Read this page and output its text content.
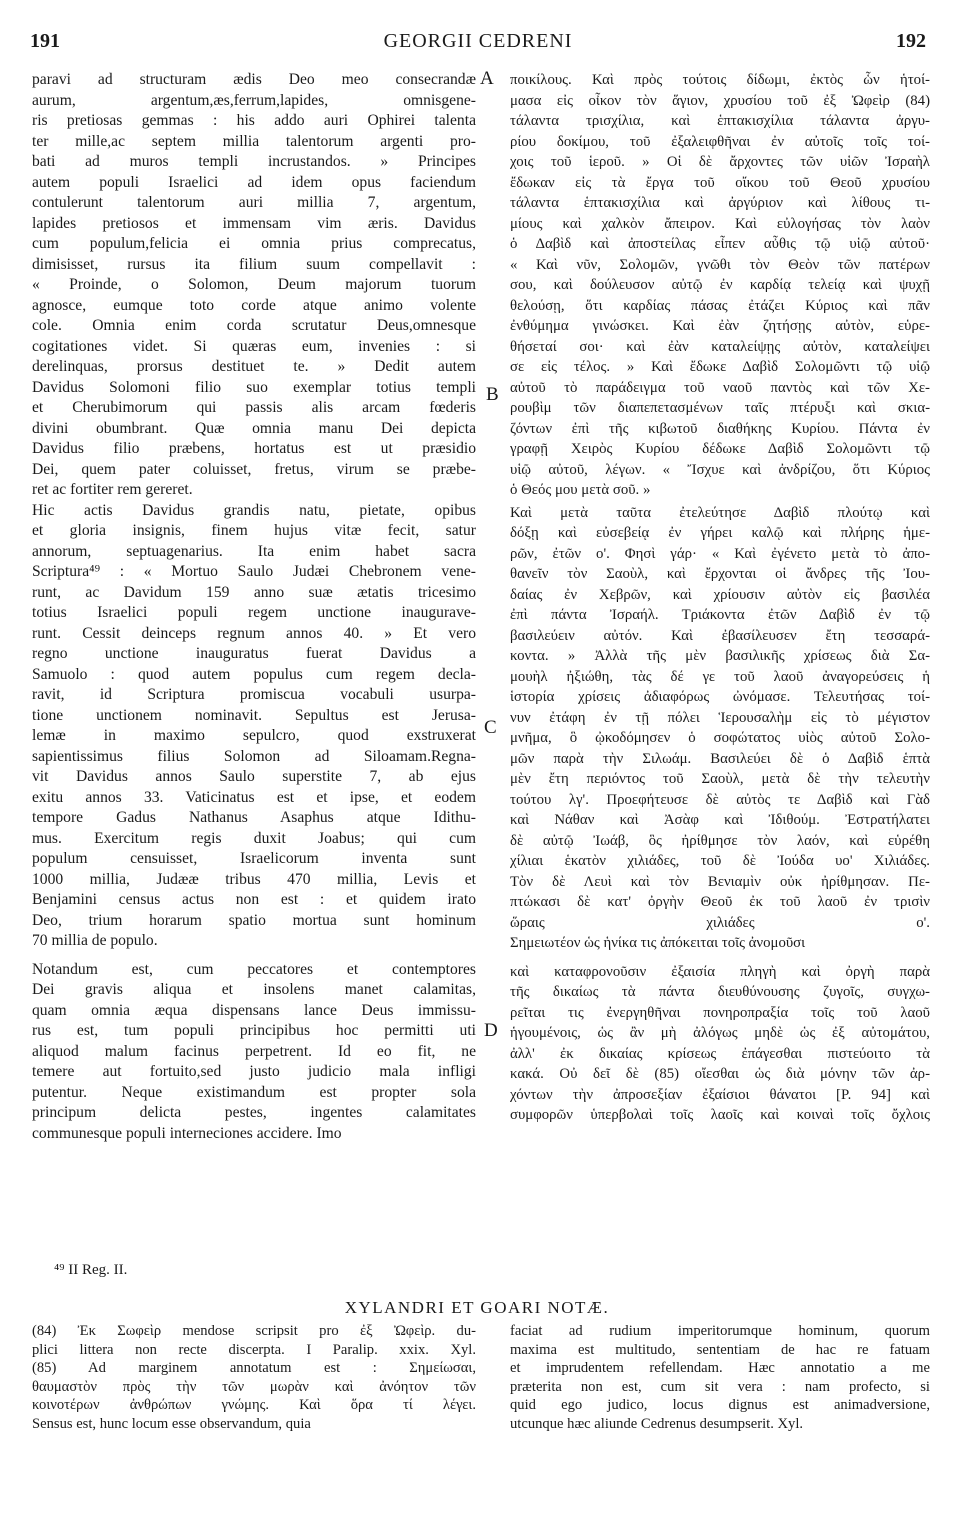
191	GEORGII CEDRENI	192
paravi ad structuram ædis Deo meo consecrandæ
aurum, argentum,æs,ferrum,lapides, omnisgene-
ris pretiosas gemmas : his addo auri Ophirei talenta
ter mille,ac septem millia talentorum argenti pro-
bati ad muros templi incrustandos. » Principes
autem populi Israelici ad idem opus faciendum
contulerunt talentorum auri millia 7, argentum,
lapides pretiosos et immensam vim æris. Davidus
cum populum,felicia ei omnia prius comprecatus,
dimisisset, rursus ita filium suum compellavit :
« Proinde, o Solomon, Deum majorum tuorum
agnosce, eumque toto corde atque animo volente
cole. Omnia enim corda scrutatur Deus,omnesque
cogitationes videt. Si quæras eum, invenies : si
derelinquas, prorsus destituet te. » Dedit autem
Davidus Solomoni filio suo exemplar totius templi
et Cherubimorum qui passis alis arcam fœderis
divini obumbrant. Quæ omnia manu Dei depicta
Davidus filio præbens, hortatus est ut præsidio
Dei, quem pater coluisset, fretus, virum se præbe-
ret ac fortiter rem gereret.
Hic actis Davidus grandis natu, pietate, opibus
et gloria insignis, finem hujus vitæ fecit, satur
annorum, septuagenarius. Ita enim habet sacra
Scriptura⁴⁹ : « Mortuo Saulo Judæi Chebronem vene-
runt, ac Davidum 159 anno suæ ætatis tricesimo
totius Israelici populi regem unctione inaugurave-
runt. Cessit deinceps regnum annos 40. » Et vero
regno unctione inauguratus fuerat Davidus a
Samuolo : quod autem populus cum regem decla-
ravit, id Scriptura promiscua vocabuli usurpa-
tione unctionem nominavit. Sepultus est Jerusa-
lemæ in maximo sepulcro, quod exstruxerat
sapientissimus filius Solomon ad Siloamam.Regna-
vit Davidus annos Saulo superstite 7, ab ejus
exitu annos 33. Vaticinatus est et ipse, et eodem
tempore Gadus Nathanus Asaphus atque Idithu-
mus. Exercitum regis duxit Joabus; qui cum
populum censuisset, Israelicorum inventa sunt
1000 millia, Judææ tribus 470 millia, Levis et
Benjamini census actus non est : et quidem irato
Deo, trium horarum spatio mortua sunt hominum
70 millia de populo.
Notandum est, cum peccatores et contemptores
Dei gravis aliqua et insolens manet calamitas,
quam omnia æqua dispensans lance Deus immissu-
rus est, tum populi principibus hoc permitti uti
aliquod malum facinus perpetrent. Id eo fit, ne
temere aut fortuito,sed justo judicio mala infligi
putentur. Neque existimandum est propter sola
principum delicta pestes, ingentes calamitates
communesque populi interneciones accidere. Imo
ποικίλους. Καὶ πρὸς τούτοις δίδωμι, ἐκτὸς ὧν ἡτοί-
μασα εἰς οἶκον τὸν ἅγιον, χρυσίου τοῦ ἐξ Ὠφεὶρ (84)
τάλαντα τρισχίλια, καὶ ἑπτακισχίλια τάλαντα ἀργυ-
ρίου δοκίμου, τοῦ ἐξαλειφθῆναι ἐν αὐτοῖς τοῖς τοί-
χοις τοῦ ἱεροῦ. » Οἱ δὲ ἄρχοντες τῶν υἱῶν Ἰσραὴλ
ἔδωκαν εἰς τὰ ἔργα τοῦ οἴκου τοῦ Θεοῦ χρυσίου
τάλαντα ἑπτακισχίλια καὶ ἀργύριον καὶ λίθους τι-
μίους καὶ χαλκὸν ἄπειρον. Καὶ εὐλογήσας τὸν λαὸν
ὁ Δαβὶδ καὶ ἀποστείλας εἶπεν αὖθις τῷ υἱῷ αὐτοῦ·
« Καὶ νῦν, Σολομῶν, γνῶθι τὸν Θεὸν τῶν πατέρων
σου, καὶ δούλευσον αὐτῷ ἐν καρδίᾳ τελείᾳ καὶ ψυχῇ
θελούσῃ, ὅτι καρδίας πάσας ἐτάζει Κύριος καὶ πᾶν
ἐνθύμημα γινώσκει. Καὶ ἐὰν ζητήσῃς αὐτὸν, εὑρε-
θήσεταί σοι· καὶ ἐὰν καταλείψῃς αὐτὸν, καταλείψει
σε εἰς τέλος. » Καὶ ἔδωκε Δαβὶδ Σολομῶντι τῷ υἱῷ
αὐτοῦ τὸ παράδειγμα τοῦ ναοῦ παντὸς καὶ τῶν Χε-
ρουβὶμ τῶν διαπεπετασμένων ταῖς πτέρυξι καὶ σκια-
ζόντων ἐπὶ τῆς κιβωτοῦ διαθήκης Κυρίου. Πάντα ἐν
γραφῇ Χειρὸς Κυρίου δέδωκε Δαβὶδ Σολομῶντι τῷ
υἱῷ αὐτοῦ, λέγων. « Ἴσχυε καὶ ἀνδρίζου, ὅτι Κύριος
ὁ Θεός μου μετὰ σοῦ. »
Καὶ μετὰ ταῦτα ἐτελεύτησε Δαβὶδ πλούτῳ καὶ
δόξῃ καὶ εὐσεβείᾳ ἐν γήρει καλῷ καὶ πλήρης ἡμε-
ρῶν, ἐτῶν ο'. Φησὶ γάρ· « Καὶ ἐγένετο μετὰ τὸ ἀπο-
θανεῖν τὸν Σαοὺλ, καὶ ἔρχονται οἱ ἄνδρες τῆς Ἰου-
δαίας ἐν Χεβρῶν, καὶ χρίουσιν αὐτὸν εἰς βασιλέα
ἐπὶ πάντα Ἰσραήλ. Τριάκοντα ἐτῶν Δαβὶδ ἐν τῷ
βασιλεύειν αὐτόν. Καὶ ἐβασίλευσεν ἔτη τεσσαρά-
κοντα. » Ἀλλὰ τῆς μὲν βασιλικῆς χρίσεως διὰ Σα-
μουὴλ ἠξιώθη, τὰς δέ γε τοῦ λαοῦ ἀναγορεύσεις ἡ
ἱστορία χρίσεις ἀδιαφόρως ὠνόμασε. Τελευτήσας τοί-
νυν ἐτάφη ἐν τῇ πόλει Ἱερουσαλὴμ εἰς τὸ μέγιστον
μνῆμα, ὃ ᾠκοδόμησεν ὁ σοφώτατος υἱὸς αὐτοῦ Σολο-
μῶν παρὰ τὴν Σιλωάμ. Βασιλεύει δὲ ὁ Δαβὶδ ἑπτὰ
μὲν ἔτη περιόντος τοῦ Σαοὺλ, μετὰ δὲ τὴν τελευτὴν
τούτου λγ'. Προεφήτευσε δὲ αὐτὸς τε Δαβὶδ καὶ Γὰδ
καὶ Νάθαν καὶ Ἀσὰφ καὶ Ἰδιθούμ. Ἐστρατήλατει
δὲ αὐτῷ Ἰωάβ, ὃς ἠρίθμησε τὸν λαόν, καὶ εὑρέθη
χίλιαι ἑκατὸν χιλιάδες, τοῦ δὲ Ἰούδα υο' Χιλιάδες.
Τὸν δὲ Λευὶ καὶ τὸν Βενιαμὶν οὐκ ἠρίθμησαν. Πε-
πτώκασι δὲ κατ' ὀργὴν Θεοῦ ἐκ τοῦ λαοῦ ἐν τρισὶν
ὥραις χιλιάδες ο'.
Σημειωτέον ὡς ἡνίκα τις ἀπόκειται τοῖς ἀνομοῦσι
καὶ καταφρονοῦσιν ἐξαισία πληγὴ καὶ ὀργὴ παρὰ
τῆς δικαίως τὰ πάντα διευθύνουσης ζυγοῖς, συγχω-
ρεῖται τις ἐνεργηθῆναι πονηροπραξία τοῖς τοῦ λαοῦ
ἡγουμένοις, ὡς ἂν μὴ ἀλόγως μηδὲ ὡς ἐξ αὐτομάτου,
ἀλλ' ἐκ δικαίας κρίσεως ἐπάγεσθαι πιστεύοιτο τὰ
κακά. Οὐ δεῖ δὲ (85) οἴεσθαι ὡς διὰ μόνην τῶν ἀρ-
χόντων τὴν ἀπροσεξίαν ἐξαίσιοι θάνατοι [P. 94] καὶ
συμφορῶν ὑπερβολαὶ τοῖς λαοῖς καὶ κοιναὶ τοῖς ὄχλοις
A
B
C
D
⁴⁹ II Reg. II.
XYLANDRI ET GOARI NOTÆ.
(84) Ἐκ Σωφεὶρ mendose scripsit pro ἐξ Ὠφεὶρ. du-
plici littera non recte discerpta. I Paralip. xxix. Xyl.
(85) Ad marginem annotatum est : Σημείωσαι,
θαυμαστὸν πρὸς τὴν τῶν μωρὰν καὶ ἀνόητον τῶν
κοινοτέρων ἀνθρώπων γνώμης. Καὶ ὅρα τί λέγει.
Sensus est, hunc locum esse observandum, quia
faciat ad rudium imperitorumque hominum, quorum
maxima est multitudo, sententiam de hac re fatuam
et imprudentem refellendam. Hæc annotatio a me
præterita non est, cum sit vera : nam profecto, si
quid ego judico, locus dignus est animadversione,
utcunque hæc aliunde Cedrenus desumpserit. Xyl.
